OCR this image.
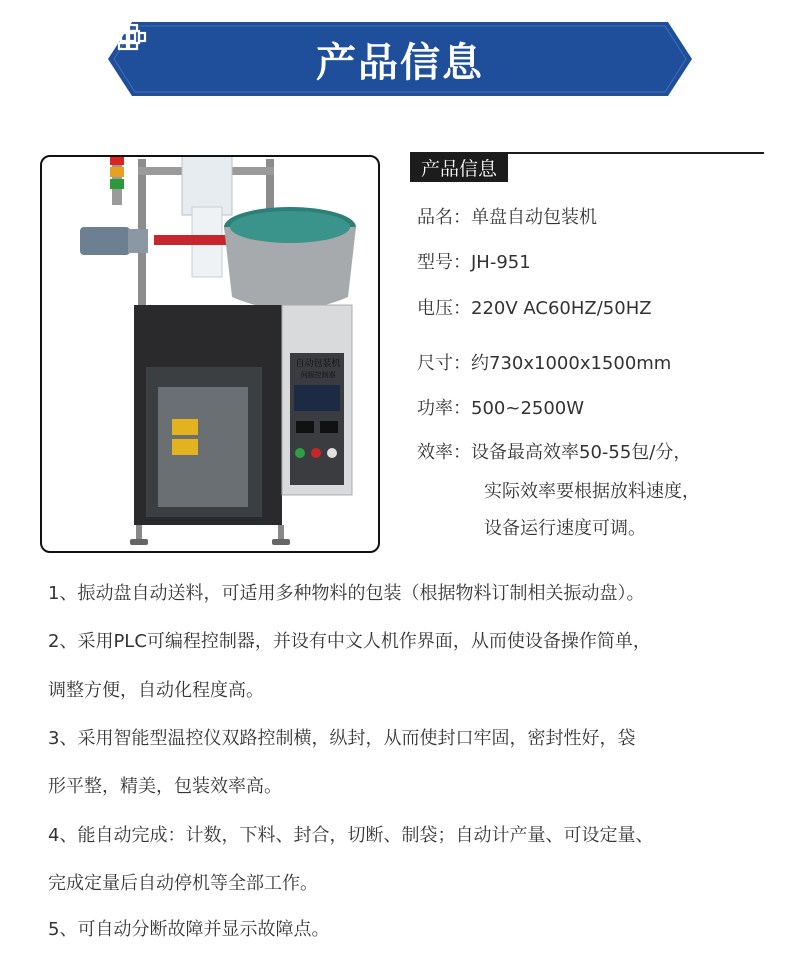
产品信息
自动包装机
伺服控制器
产品信息
品名：单盘自动包装机
型号：JH-951
电压：220V AC60HZ/50HZ
尺寸：约730x1000x1500mm
功率：500~2500W
效率：设备最高效率50-55包/分，
实际效率要根据放料速度，
设备运行速度可调。
1、振动盘自动送料，可适用多种物料的包装（根据物料订制相关振动盘）。
2、采用PLC可编程控制器，并设有中文人机作界面，从而使设备操作简单，
调整方便，自动化程度高。
3、采用智能型温控仪双路控制横，纵封，从而使封口牢固，密封性好，袋
形平整，精美，包装效率高。
4、能自动完成：计数，下料、封合，切断、制袋；自动计产量、可设定量、
完成定量后自动停机等全部工作。
5、可自动分断故障并显示故障点。
